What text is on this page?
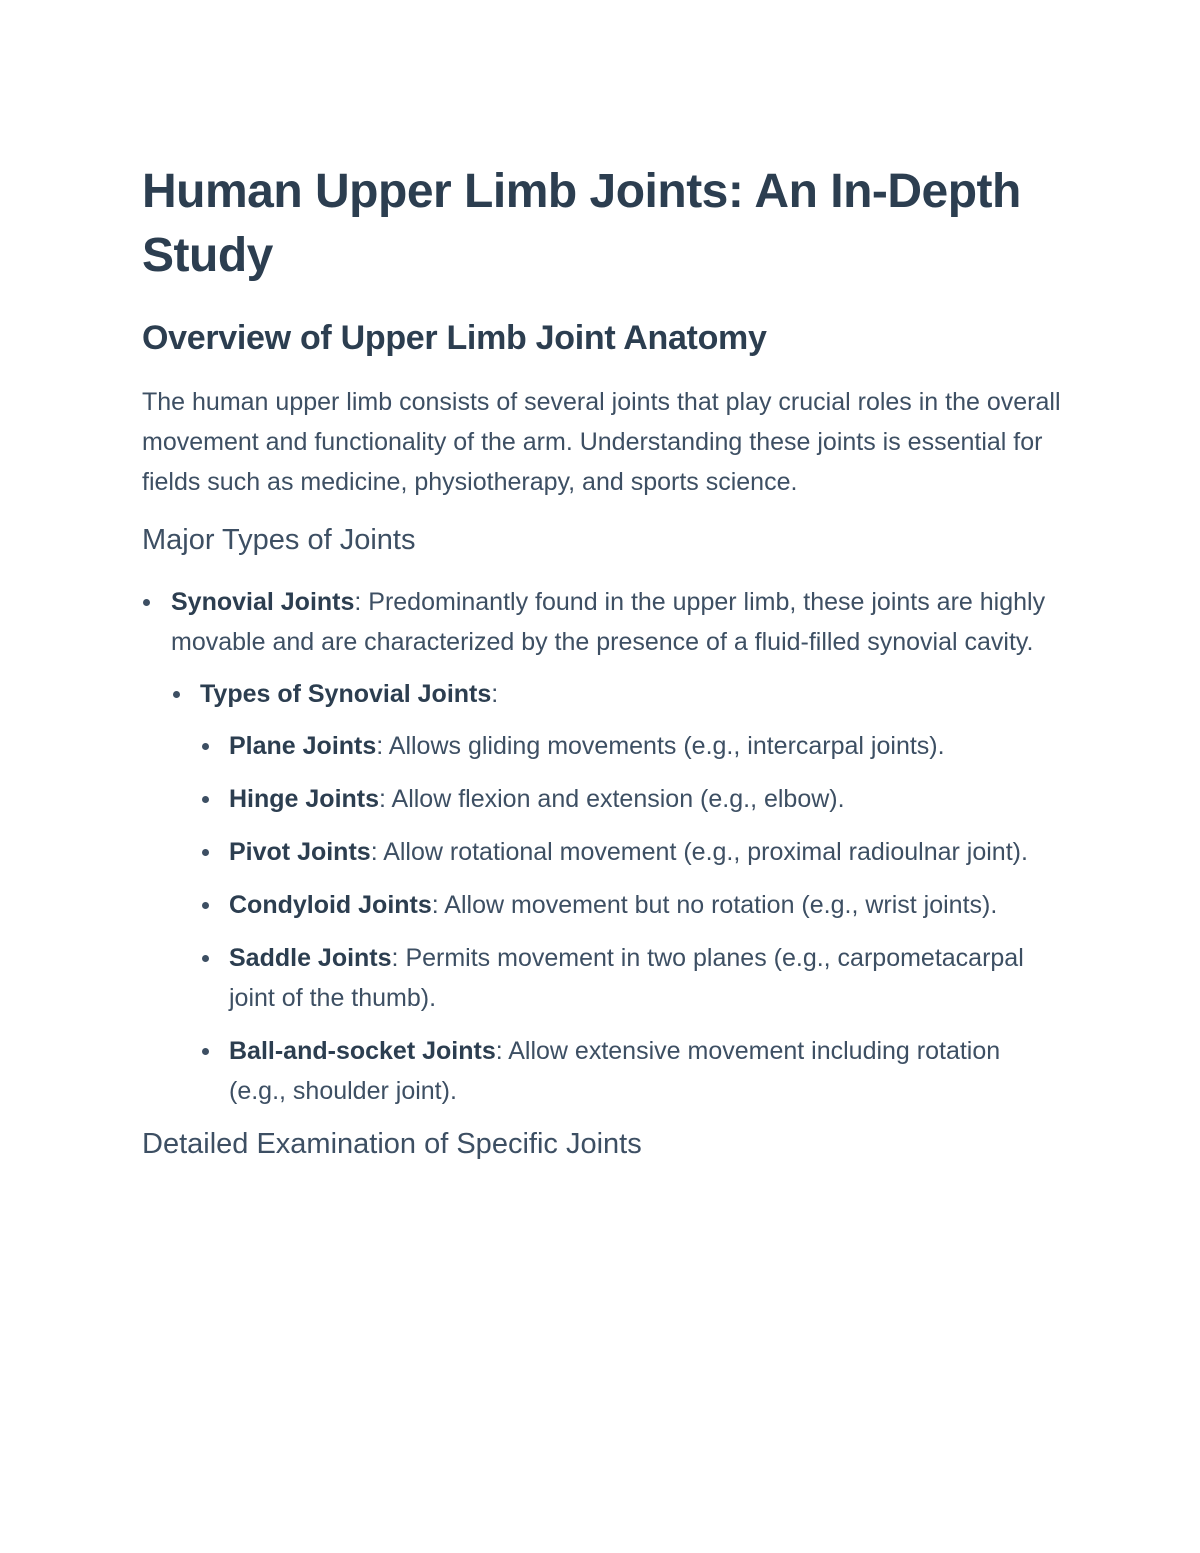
Human Upper Limb Joints: An In-Depth Study
Overview of Upper Limb Joint Anatomy

The human upper limb consists of several joints that play crucial roles in the overall movement and functionality of the arm. Understanding these joints is essential for fields such as medicine, physiotherapy, and sports science.

Major Types of Joints
Synovial Joints: Predominantly found in the upper limb, these joints are highly movable and are characterized by the presence of a fluid-filled synovial cavity.
Types of Synovial Joints:
Plane Joints: Allows gliding movements (e.g., intercarpal joints).
Hinge Joints: Allow flexion and extension (e.g., elbow).
Pivot Joints: Allow rotational movement (e.g., proximal radioulnar joint).
Condyloid Joints: Allow movement but no rotation (e.g., wrist joints).
Saddle Joints: Permits movement in two planes (e.g., carpometacarpal joint of the thumb).
Ball-and-socket Joints: Allow extensive movement including rotation (e.g., shoulder joint).
Detailed Examination of Specific Joints
